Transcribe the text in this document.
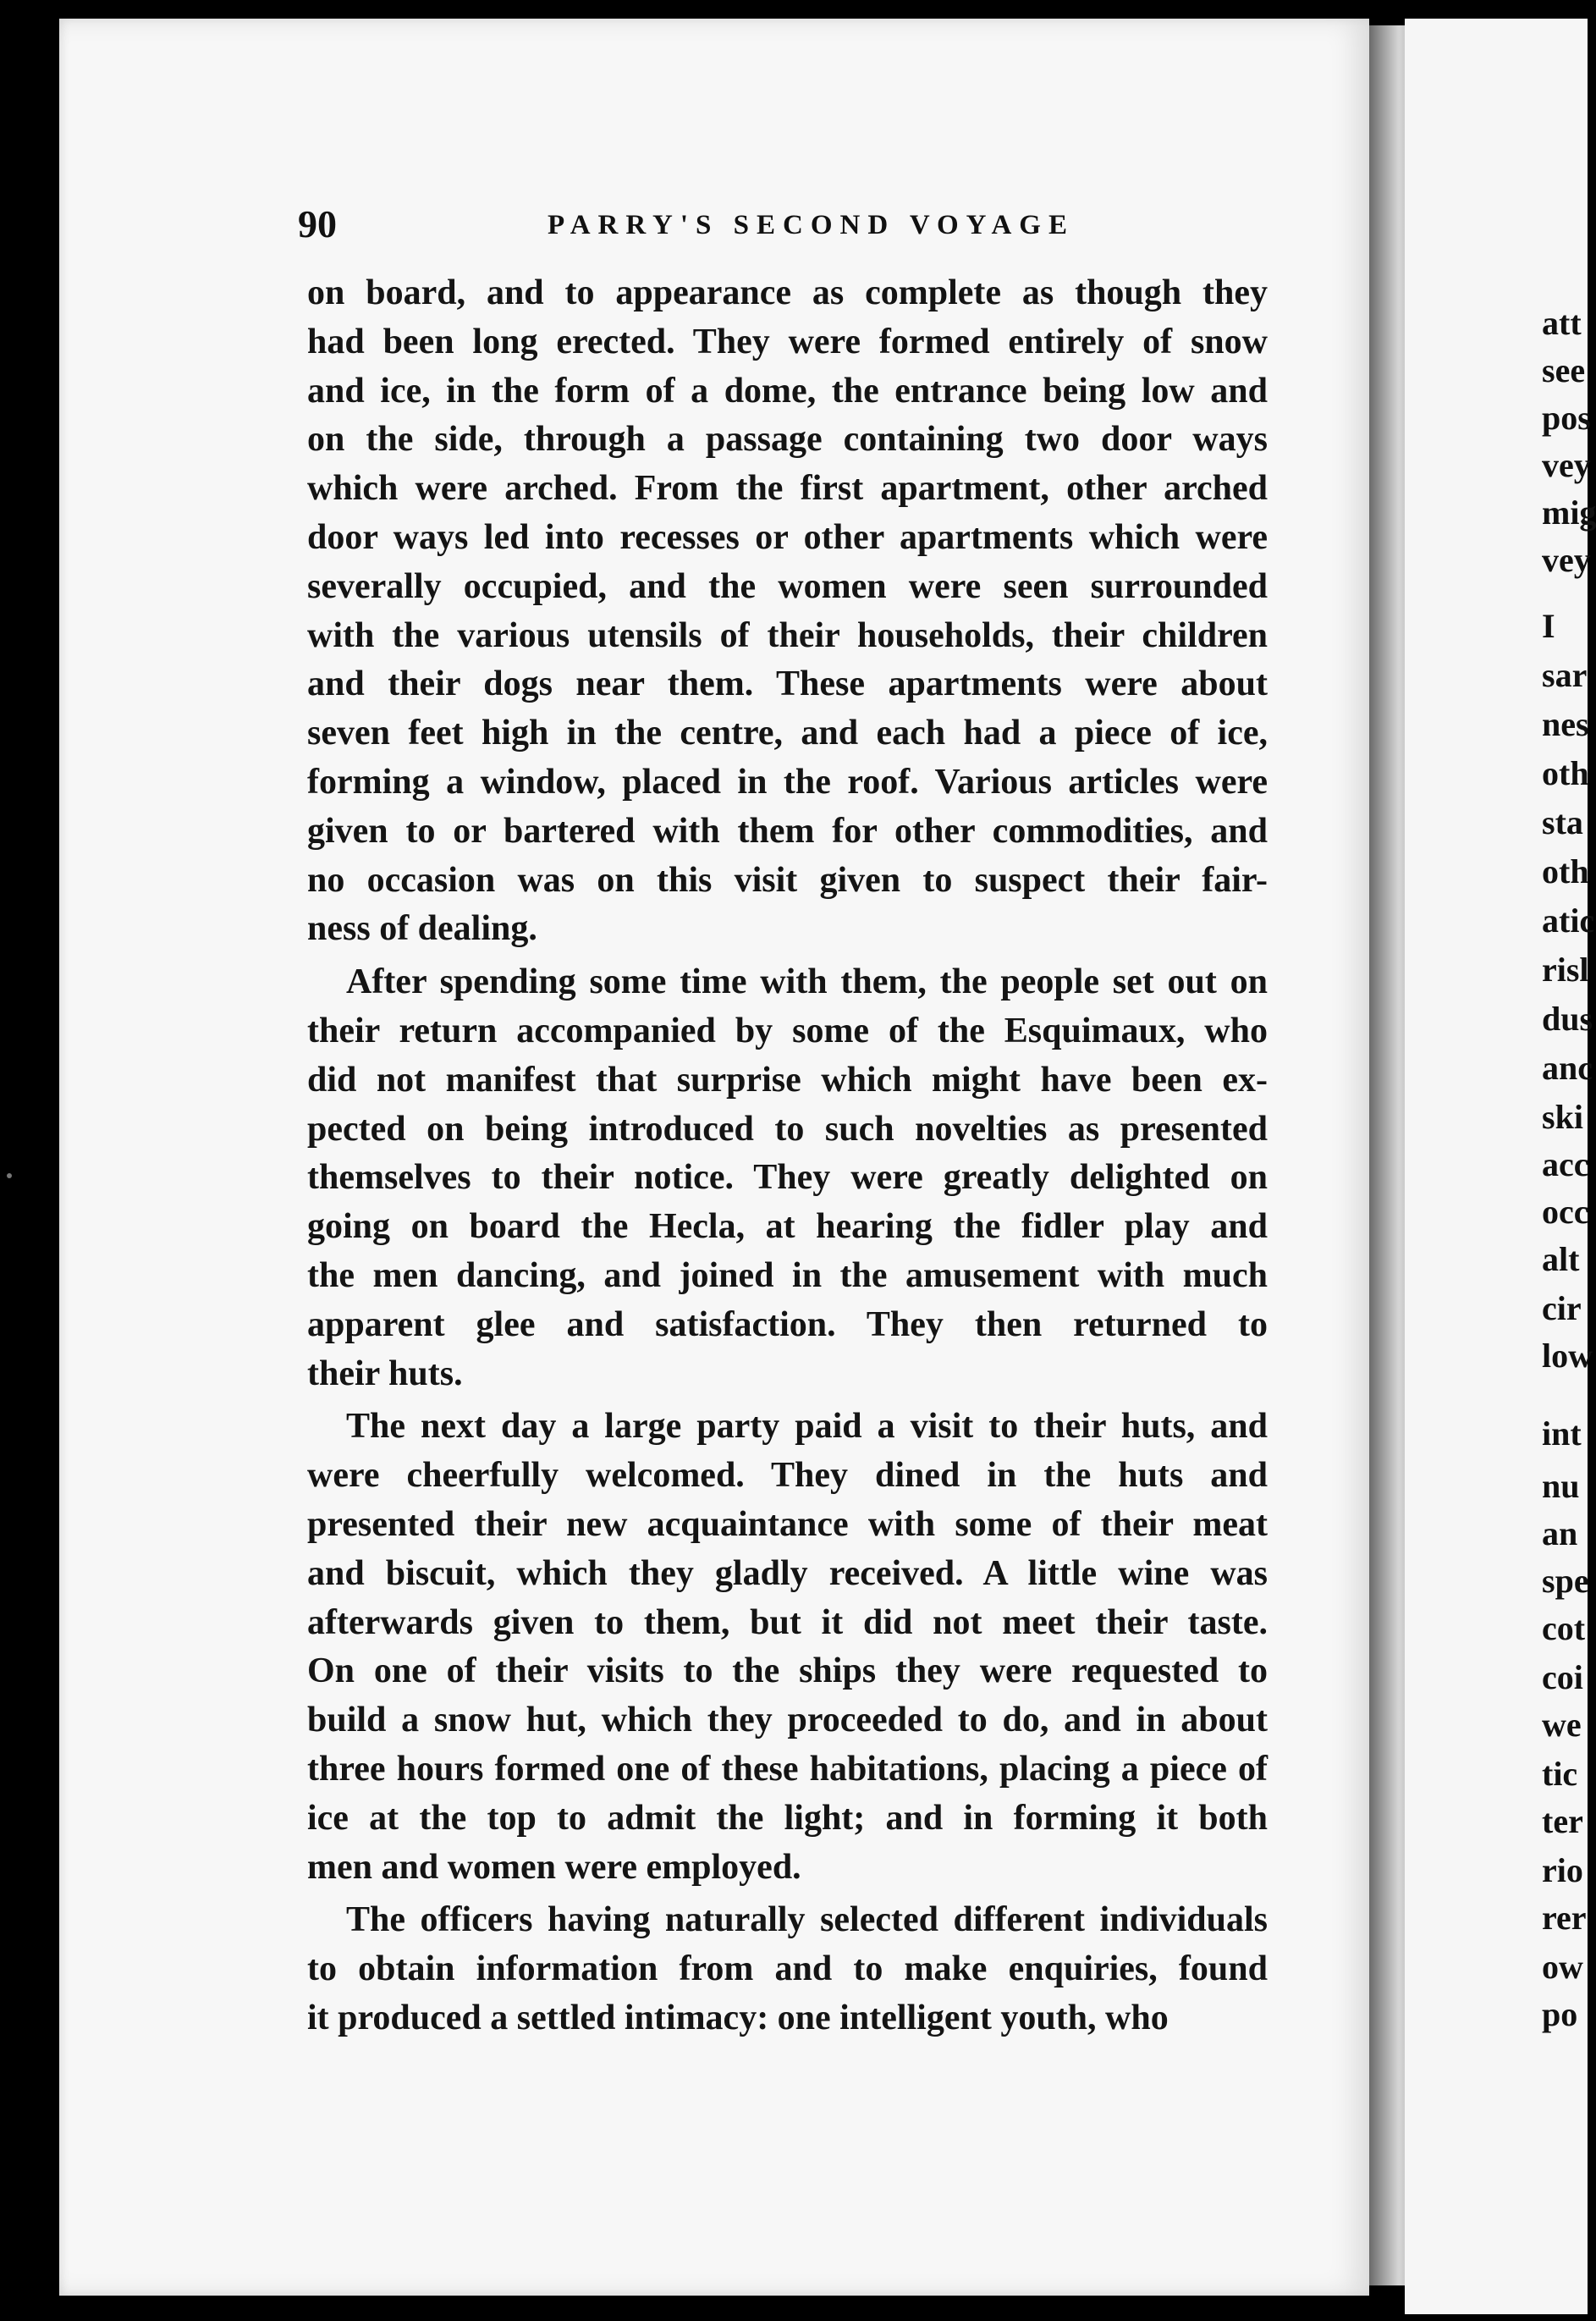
att
see
pos
vey
mig
vey
I
sar
nes
oth
sta
oth
atic
risl
dus
anc
ski
acc
occ
alt
cir
low
int
nu
an
spe
cot
coi
we
tic
ter
rio
rer
ow
po
90	PARRY'S SECOND VOYAGE
on board, and to appearance as complete as though they
had been long erected. They were formed entirely of snow
and ice, in the form of a dome, the entrance being low and
on the side, through a passage containing two door ways
which were arched. From the first apartment, other arched
door ways led into recesses or other apartments which were
severally occupied, and the women were seen surrounded
with the various utensils of their households, their children
and their dogs near them. These apartments were about
seven feet high in the centre, and each had a piece of ice,
forming a window, placed in the roof. Various articles were
given to or bartered with them for other commodities, and
no occasion was on this visit given to suspect their fair-
ness of dealing.
After spending some time with them, the people set out on
their return accompanied by some of the Esquimaux, who
did not manifest that surprise which might have been ex-
pected on being introduced to such novelties as presented
themselves to their notice. They were greatly delighted on
going on board the Hecla, at hearing the fidler play and
the men dancing, and joined in the amusement with much
apparent glee and satisfaction. They then returned to
their huts.
The next day a large party paid a visit to their huts, and
were cheerfully welcomed. They dined in the huts and
presented their new acquaintance with some of their meat
and biscuit, which they gladly received. A little wine was
afterwards given to them, but it did not meet their taste.
On one of their visits to the ships they were requested to
build a snow hut, which they proceeded to do, and in about
three hours formed one of these habitations, placing a piece of
ice at the top to admit the light; and in forming it both
men and women were employed.
The officers having naturally selected different individuals
to obtain information from and to make enquiries, found
it produced a settled intimacy: one intelligent youth, who
